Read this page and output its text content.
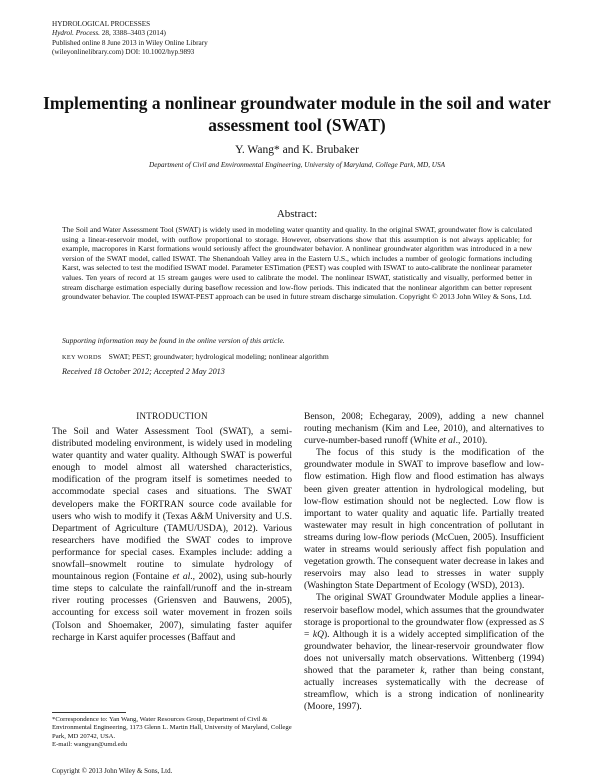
HYDROLOGICAL PROCESSES
Hydrol. Process. 28, 3388–3403 (2014)
Published online 8 June 2013 in Wiley Online Library
(wileyonlinelibrary.com) DOI: 10.1002/hyp.9893
Implementing a nonlinear groundwater module in the soil and water assessment tool (SWAT)
Y. Wang* and K. Brubaker
Department of Civil and Environmental Engineering, University of Maryland, College Park, MD, USA
Abstract:
The Soil and Water Assessment Tool (SWAT) is widely used in modeling water quantity and quality. In the original SWAT, groundwater flow is calculated using a linear-reservoir model, with outflow proportional to storage. However, observations show that this assumption is not always applicable; for example, macropores in Karst formations would seriously affect the groundwater behavior. A nonlinear groundwater algorithm was introduced in a new version of the SWAT model, called ISWAT. The Shenandoah Valley area in the Eastern U.S., which includes a number of geologic formations including Karst, was selected to test the modified ISWAT model. Parameter ESTimation (PEST) was coupled with ISWAT to auto-calibrate the nonlinear parameter values. Ten years of record at 15 stream gauges were used to calibrate the model. The nonlinear ISWAT, statistically and visually, performed better in stream discharge estimation especially during baseflow recession and low-flow periods. This indicated that the nonlinear algorithm can better represent groundwater behavior. The coupled ISWAT-PEST approach can be used in future stream discharge simulation. Copyright © 2013 John Wiley & Sons, Ltd.
Supporting information may be found in the online version of this article.
KEY WORDS SWAT; PEST; groundwater; hydrological modeling; nonlinear algorithm
Received 18 October 2012; Accepted 2 May 2013
INTRODUCTION

The Soil and Water Assessment Tool (SWAT), a semi-distributed modeling environment, is widely used in modeling water quantity and water quality. Although SWAT is powerful enough to model almost all watershed characteristics, modification of the program itself is sometimes needed to accommodate special cases and situations. The SWAT developers make the FORTRAN source code available for users who wish to modify it (Texas A&M University and U.S. Department of Agriculture (TAMU/USDA), 2012). Various researchers have modified the SWAT codes to improve performance for special cases. Examples include: adding a snowfall–snowmelt routine to simulate hydrology of mountainous region (Fontaine et al., 2002), using sub-hourly time steps to calculate the rainfall/runoff and the in-stream river routing processes (Griensven and Bauwens, 2005), accounting for excess soil water movement in frozen soils (Tolson and Shoemaker, 2007), simulating faster aquifer recharge in Karst aquifer processes (Baffaut and

Benson, 2008; Echegaray, 2009), adding a new channel routing mechanism (Kim and Lee, 2010), and alternatives to curve-number-based runoff (White et al., 2010).

The focus of this study is the modification of the groundwater module in SWAT to improve baseflow and low-flow estimation. High flow and flood estimation has always been given greater attention in hydrological modeling, but low-flow estimation should not be neglected. Low flow is important to water quality and aquatic life. Partially treated wastewater may result in high concentration of pollutant in streams during low-flow periods (McCuen, 2005). Insufficient water in streams would seriously affect fish population and vegetation growth. The consequent water decrease in lakes and reservoirs may also lead to stresses in water supply (Washington State Department of Ecology (WSD), 2013).

The original SWAT Groundwater Module applies a linear-reservoir baseflow model, which assumes that the groundwater storage is proportional to the groundwater flow (expressed as S = kQ). Although it is a widely accepted simplification of the groundwater behavior, the linear-reservoir groundwater flow does not universally match observations. Wittenberg (1994) showed that the parameter k, rather than being constant, actually increases systematically with the decrease of streamflow, which is a strong indication of nonlinearity (Moore, 1997).

*Correspondence to: Yan Wang, Water Resources Group, Department of Civil & Environmental Engineering, 1173 Glenn L. Martin Hall, University of Maryland, College Park, MD 20742, USA.
E-mail: wangyan@umd.edu
Copyright © 2013 John Wiley & Sons, Ltd.
